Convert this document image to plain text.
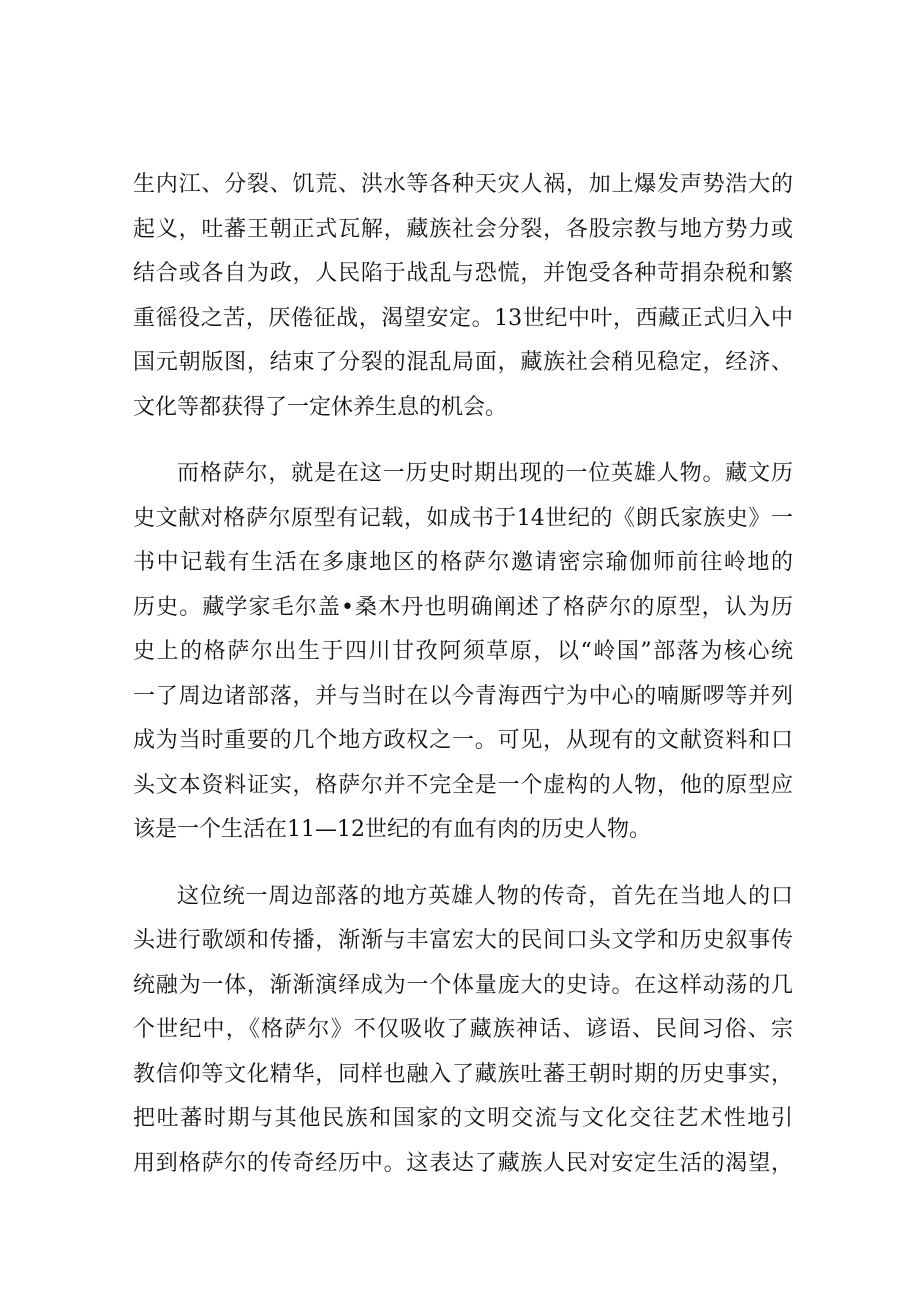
生内江、分裂、饥荒、洪水等各种天灾人祸，加上爆发声势浩大的
起义，吐蕃王朝正式瓦解，藏族社会分裂，各股宗教与地方势力或
结合或各自为政，人民陷于战乱与恐慌，并饱受各种苛捐杂税和繁
重徭役之苦，厌倦征战，渴望安定。13世纪中叶，西藏正式归入中
国元朝版图，结束了分裂的混乱局面，藏族社会稍见稳定，经济、
文化等都获得了一定休养生息的机会。
而格萨尔，就是在这一历史时期出现的一位英雄人物。藏文历
史文献对格萨尔原型有记载，如成书于14世纪的《朗氏家族史》一
书中记载有生活在多康地区的格萨尔邀请密宗瑜伽师前往岭地的
历史。藏学家毛尔盖•桑木丹也明确阐述了格萨尔的原型，认为历
史上的格萨尔出生于四川甘孜阿须草原，以“岭国”部落为核心统
一了周边诸部落，并与当时在以今青海西宁为中心的喃厮啰等并列
成为当时重要的几个地方政权之一。可见，从现有的文献资料和口
头文本资料证实，格萨尔并不完全是一个虚构的人物，他的原型应
该是一个生活在11—12世纪的有血有肉的历史人物。
这位统一周边部落的地方英雄人物的传奇，首先在当地人的口
头进行歌颂和传播，渐渐与丰富宏大的民间口头文学和历史叙事传
统融为一体，渐渐演绎成为一个体量庞大的史诗。在这样动荡的几
个世纪中，《格萨尔》不仅吸收了藏族神话、谚语、民间习俗、宗
教信仰等文化精华，同样也融入了藏族吐蕃王朝时期的历史事实，
把吐蕃时期与其他民族和国家的文明交流与文化交往艺术性地引
用到格萨尔的传奇经历中。这表达了藏族人民对安定生活的渴望，
